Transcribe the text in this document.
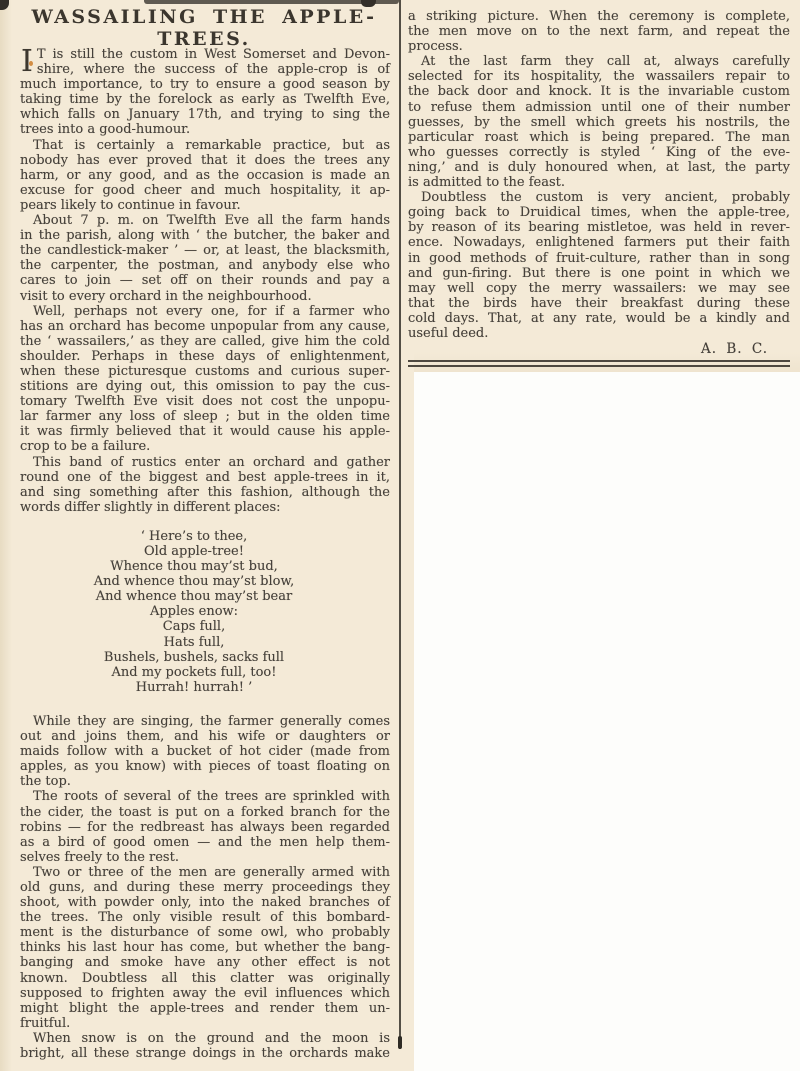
WASSAILING THE APPLE-TREES.
I T is still the custom in West Somerset and Devon-
shire, where the success of the apple-crop is of
much importance, to try to ensure a good season by
taking time by the forelock as early as Twelfth Eve,
which falls on January 17th, and trying to sing the
trees into a good-humour.
That is certainly a remarkable practice, but as
nobody has ever proved that it does the trees any
harm, or any good, and as the occasion is made an
excuse for good cheer and much hospitality, it ap-
pears likely to continue in favour.
About 7 p. m. on Twelfth Eve all the farm hands
in the parish, along with ‘ the butcher, the baker and
the candlestick-maker ’ — or, at least, the blacksmith,
the carpenter, the postman, and anybody else who
cares to join — set off on their rounds and pay a
visit to every orchard in the neighbourhood.
Well, perhaps not every one, for if a farmer who
has an orchard has become unpopular from any cause,
the ‘ wassailers,’ as they are called, give him the cold
shoulder. Perhaps in these days of enlightenment,
when these picturesque customs and curious super-
stitions are dying out, this omission to pay the cus-
tomary Twelfth Eve visit does not cost the unpopu-
lar farmer any loss of sleep ; but in the olden time
it was firmly believed that it would cause his apple-
crop to be a failure.
This band of rustics enter an orchard and gather
round one of the biggest and best apple-trees in it,
and sing something after this fashion, although the
words differ slightly in different places:
‘ Here’s to thee,
Old apple-tree!
Whence thou may’st bud,
And whence thou may’st blow,
And whence thou may’st bear
Apples enow:
Caps full,
Hats full,
Bushels, bushels, sacks full
And my pockets full, too!
Hurrah! hurrah! ’
While they are singing, the farmer generally comes
out and joins them, and his wife or daughters or
maids follow with a bucket of hot cider (made from
apples, as you know) with pieces of toast floating on
the top.
The roots of several of the trees are sprinkled with
the cider, the toast is put on a forked branch for the
robins — for the redbreast has always been regarded
as a bird of good omen — and the men help them-
selves freely to the rest.
Two or three of the men are generally armed with
old guns, and during these merry proceedings they
shoot, with powder only, into the naked branches of
the trees. The only visible result of this bombard-
ment is the disturbance of some owl, who probably
thinks his last hour has come, but whether the bang-
banging and smoke have any other effect is not
known. Doubtless all this clatter was originally
supposed to frighten away the evil influences which
might blight the apple-trees and render them un-
fruitful.
When snow is on the ground and the moon is
bright, all these strange doings in the orchards make
a striking picture. When the ceremony is complete,
the men move on to the next farm, and repeat the
process.
At the last farm they call at, always carefully
selected for its hospitality, the wassailers repair to
the back door and knock. It is the invariable custom
to refuse them admission until one of their number
guesses, by the smell which greets his nostrils, the
particular roast which is being prepared. The man
who guesses correctly is styled ‘ King of the eve-
ning,’ and is duly honoured when, at last, the party
is admitted to the feast.
Doubtless the custom is very ancient, probably
going back to Druidical times, when the apple-tree,
by reason of its bearing mistletoe, was held in rever-
ence. Nowadays, enlightened farmers put their faith
in good methods of fruit-culture, rather than in song
and gun-firing. But there is one point in which we
may well copy the merry wassailers: we may see
that the birds have their breakfast during these
cold days. That, at any rate, would be a kindly and
useful deed.
A. B. C.
